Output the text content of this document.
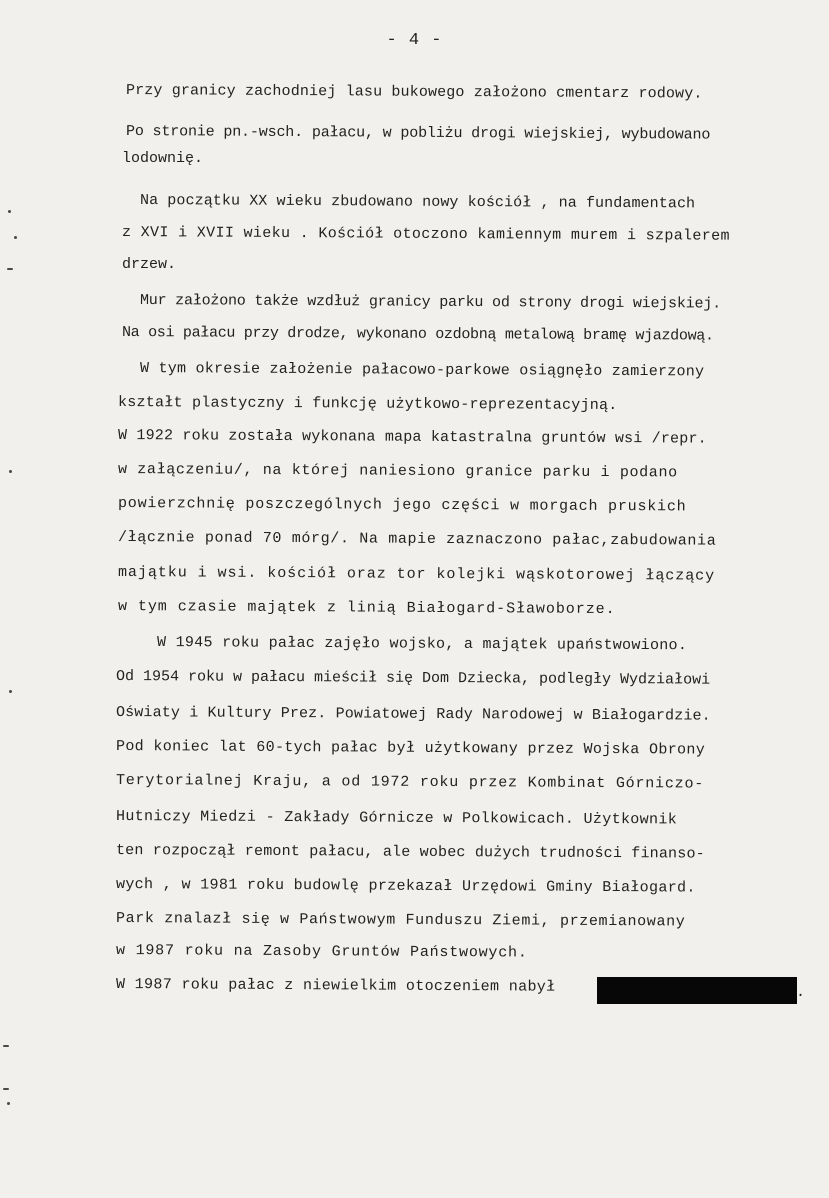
- 4 -
Przy granicy zachodniej lasu bukowego założono cmentarz rodowy.
Po stronie pn.-wsch. pałacu, w pobliżu drogi wiejskiej, wybudowano
lodownię.
Na początku XX wieku zbudowano nowy kościół , na fundamentach
z XVI i XVII wieku . Kościół otoczono kamiennym murem i szpalerem
drzew.
Mur założono także wzdłuż granicy parku od strony drogi wiejskiej.
Na osi pałacu przy drodze, wykonano ozdobną metalową bramę wjazdową.
W tym okresie założenie pałacowo-parkowe osiągnęło zamierzony
kształt plastyczny i funkcję użytkowo-reprezentacyjną.
W 1922 roku została wykonana mapa katastralna gruntów wsi /repr.
w załączeniu/, na której naniesiono granice parku i podano
powierzchnię poszczególnych jego części w morgach pruskich
/łącznie ponad 70 mórg/. Na mapie zaznaczono pałac,zabudowania
majątku i wsi. kościół oraz tor kolejki wąskotorowej łączący
w tym czasie majątek z linią Białogard-Sławoborze.
W 1945 roku pałac zajęło wojsko, a majątek upaństwowiono.
Od 1954 roku w pałacu mieścił się Dom Dziecka, podległy Wydziałowi
Oświaty i Kultury Prez. Powiatowej Rady Narodowej w Białogardzie.
Pod koniec lat 60-tych pałac był użytkowany przez Wojska Obrony
Terytorialnej Kraju, a od 1972 roku przez Kombinat Górniczo-
Hutniczy Miedzi - Zakłady Górnicze w Polkowicach. Użytkownik
ten rozpoczął remont pałacu, ale wobec dużych trudności finanso-
wych , w 1981 roku budowlę przekazał Urzędowi Gminy Białogard.
Park znalazł się w Państwowym Funduszu Ziemi, przemianowany
w 1987 roku na Zasoby Gruntów Państwowych.
W 1987 roku pałac z niewielkim otoczeniem nabył	.
